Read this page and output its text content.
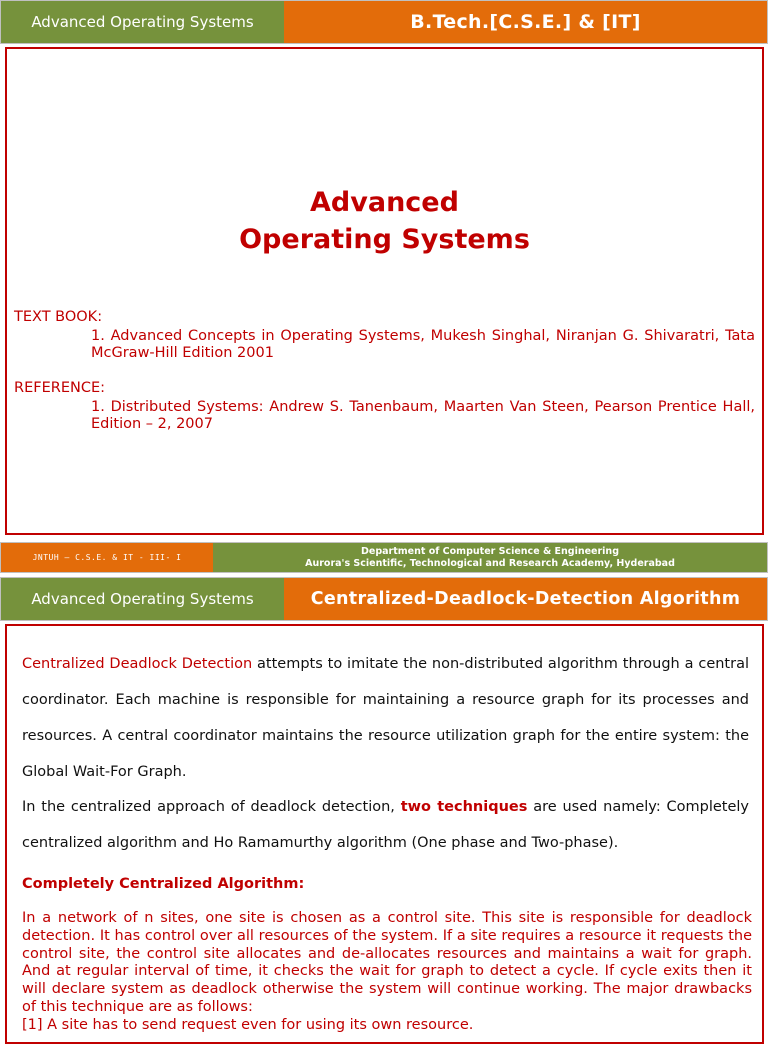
Advanced Operating Systems	B.Tech.[C.S.E.] & [IT]
Advanced
Operating Systems
TEXT BOOK:
1. Advanced Concepts in Operating Systems, Mukesh Singhal, Niranjan G. Shivaratri, Tata McGraw-Hill Edition 2001
REFERENCE:
1. Distributed Systems: Andrew S. Tanenbaum, Maarten Van Steen, Pearson Prentice Hall, Edition – 2, 2007
JNTUH – C.S.E. & IT - III- I
Department of Computer Science & Engineering
Aurora's Scientific, Technological and Research Academy, Hyderabad
Advanced Operating Systems	Centralized-Deadlock-Detection Algorithm
Centralized Deadlock Detection attempts to imitate the non-distributed algorithm through a central coordinator. Each machine is responsible for maintaining a resource graph for its processes and resources. A central coordinator maintains the resource utilization graph for the entire system: the Global Wait-For Graph.
In the centralized approach of deadlock detection, two techniques are used namely: Completely centralized algorithm and Ho Ramamurthy algorithm (One phase and Two-phase).
Completely Centralized Algorithm:
In a network of n sites, one site is chosen as a control site. This site is responsible for deadlock detection. It has control over all resources of the system. If a site requires a resource it requests the control site, the control site allocates and de-allocates resources and maintains a wait for graph. And at regular interval of time, it checks the wait for graph to detect a cycle. If cycle exits then it will declare system as deadlock otherwise the system will continue working. The major drawbacks of this technique are as follows:
[1] A site has to send request even for using its own resource.
